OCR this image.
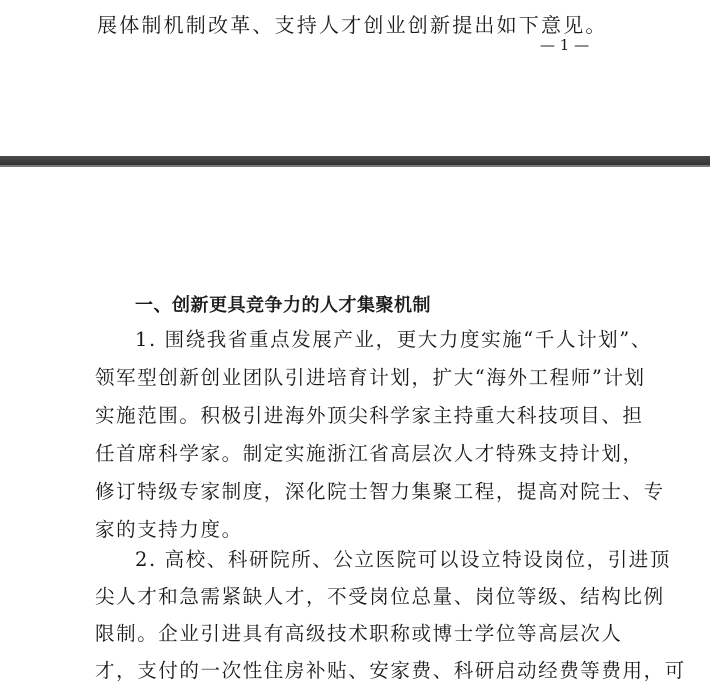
展体制机制改革、支持人才创业创新提出如下意见。
— 1 —
一、创新更具竞争力的人才集聚机制
1. 围绕我省重点发展产业，更大力度实施“千人计划”、
领军型创新创业团队引进培育计划，扩大“海外工程师”计划
实施范围。积极引进海外顶尖科学家主持重大科技项目、担
任首席科学家。制定实施浙江省高层次人才特殊支持计划，
修订特级专家制度，深化院士智力集聚工程，提高对院士、专
家的支持力度。
2. 高校、科研院所、公立医院可以设立特设岗位，引进顶
尖人才和急需紧缺人才，不受岗位总量、岗位等级、结构比例
限制。企业引进具有高级技术职称或博士学位等高层次人
才，支付的一次性住房补贴、安家费、科研启动经费等费用，可
